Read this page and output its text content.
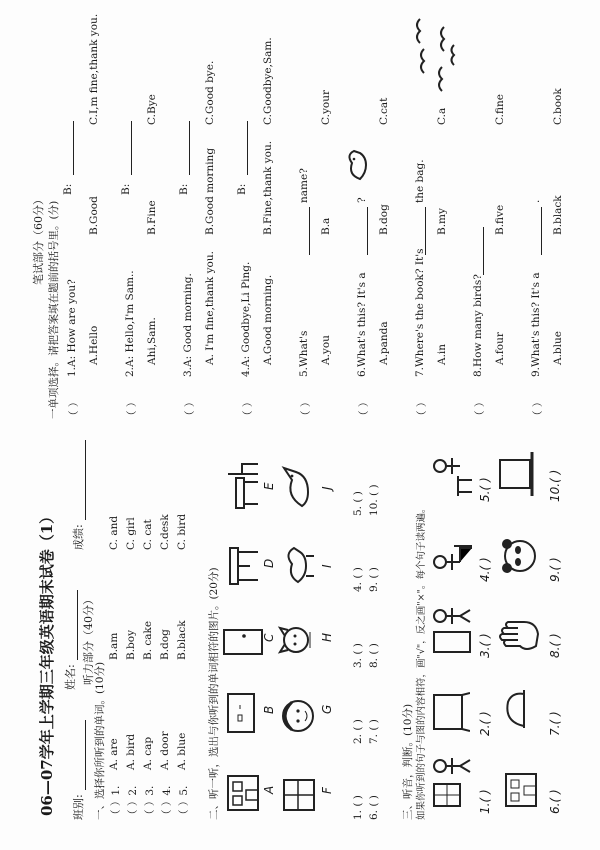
06—07学年上学期三年级英语期末试卷（1） 班别:
姓名:
成绩:
听力部分（40分）
一、选择你所听到的单词。(10分) （ ）1.
A. are
B.am
C. and
（ ）2.
A. bird
B.boy
C. girl
（ ）3.
A. cap
B. cake
C. cat
（ ）4.
A. door
B.dog
C.desk
（ ）5.
A. blue
B.black
C. bird
二、听一听，选出与你听到的单词相符的图片。(20分)	A
B
C
D
E
F
G
H
I
J
1. ( )
2. ( )
3. ( )
4. ( )
5. ( )
6. ( )
7. ( )
8. ( )
9. ( )
10. ( )
三、听音，判断。(10分) 如果你听到的句子与图的内容相符，画"√"，反之画"×"。每个句子读两遍。	1.( )
2.( )
3.( )
4.( )
5.( )
6.( )
7.( )
8.( )
9.( )
10.( )
笔试部分（60分） 一单项选择。请把答案填在题前的括号里。(分) （ ）
1.A: How are you?
B:
A.Hello
B.Good
C.I,m fine,thank you.
（ ）
2.A: Hello,I'm Sam..
B:
Ahi,Sam.
B.Fine
C.Bye
（ ）
3.A: Good morning.
B:
A. I'm fine,thank you.
B.Good morning
C.Good bye.
（ ）
4.A: Goodbye,Li Ping.
B:
A.Good morning.
B.Fine,thank you.
C.Goodbye,Sam.
（ ）
5.What's
name?
A.you
B.a
C.your
（ ）
6.What's this? It's a
?
A.panda
B.dog
C.cat
（ ）
7.Where's the book? It's
the bag.
A.in
B.my
C.a
（ ）
8.How many birds? A.four
B.five
C.fine
（ ）
9.What's this? It's a
.
A.blue
B.black
C.book
